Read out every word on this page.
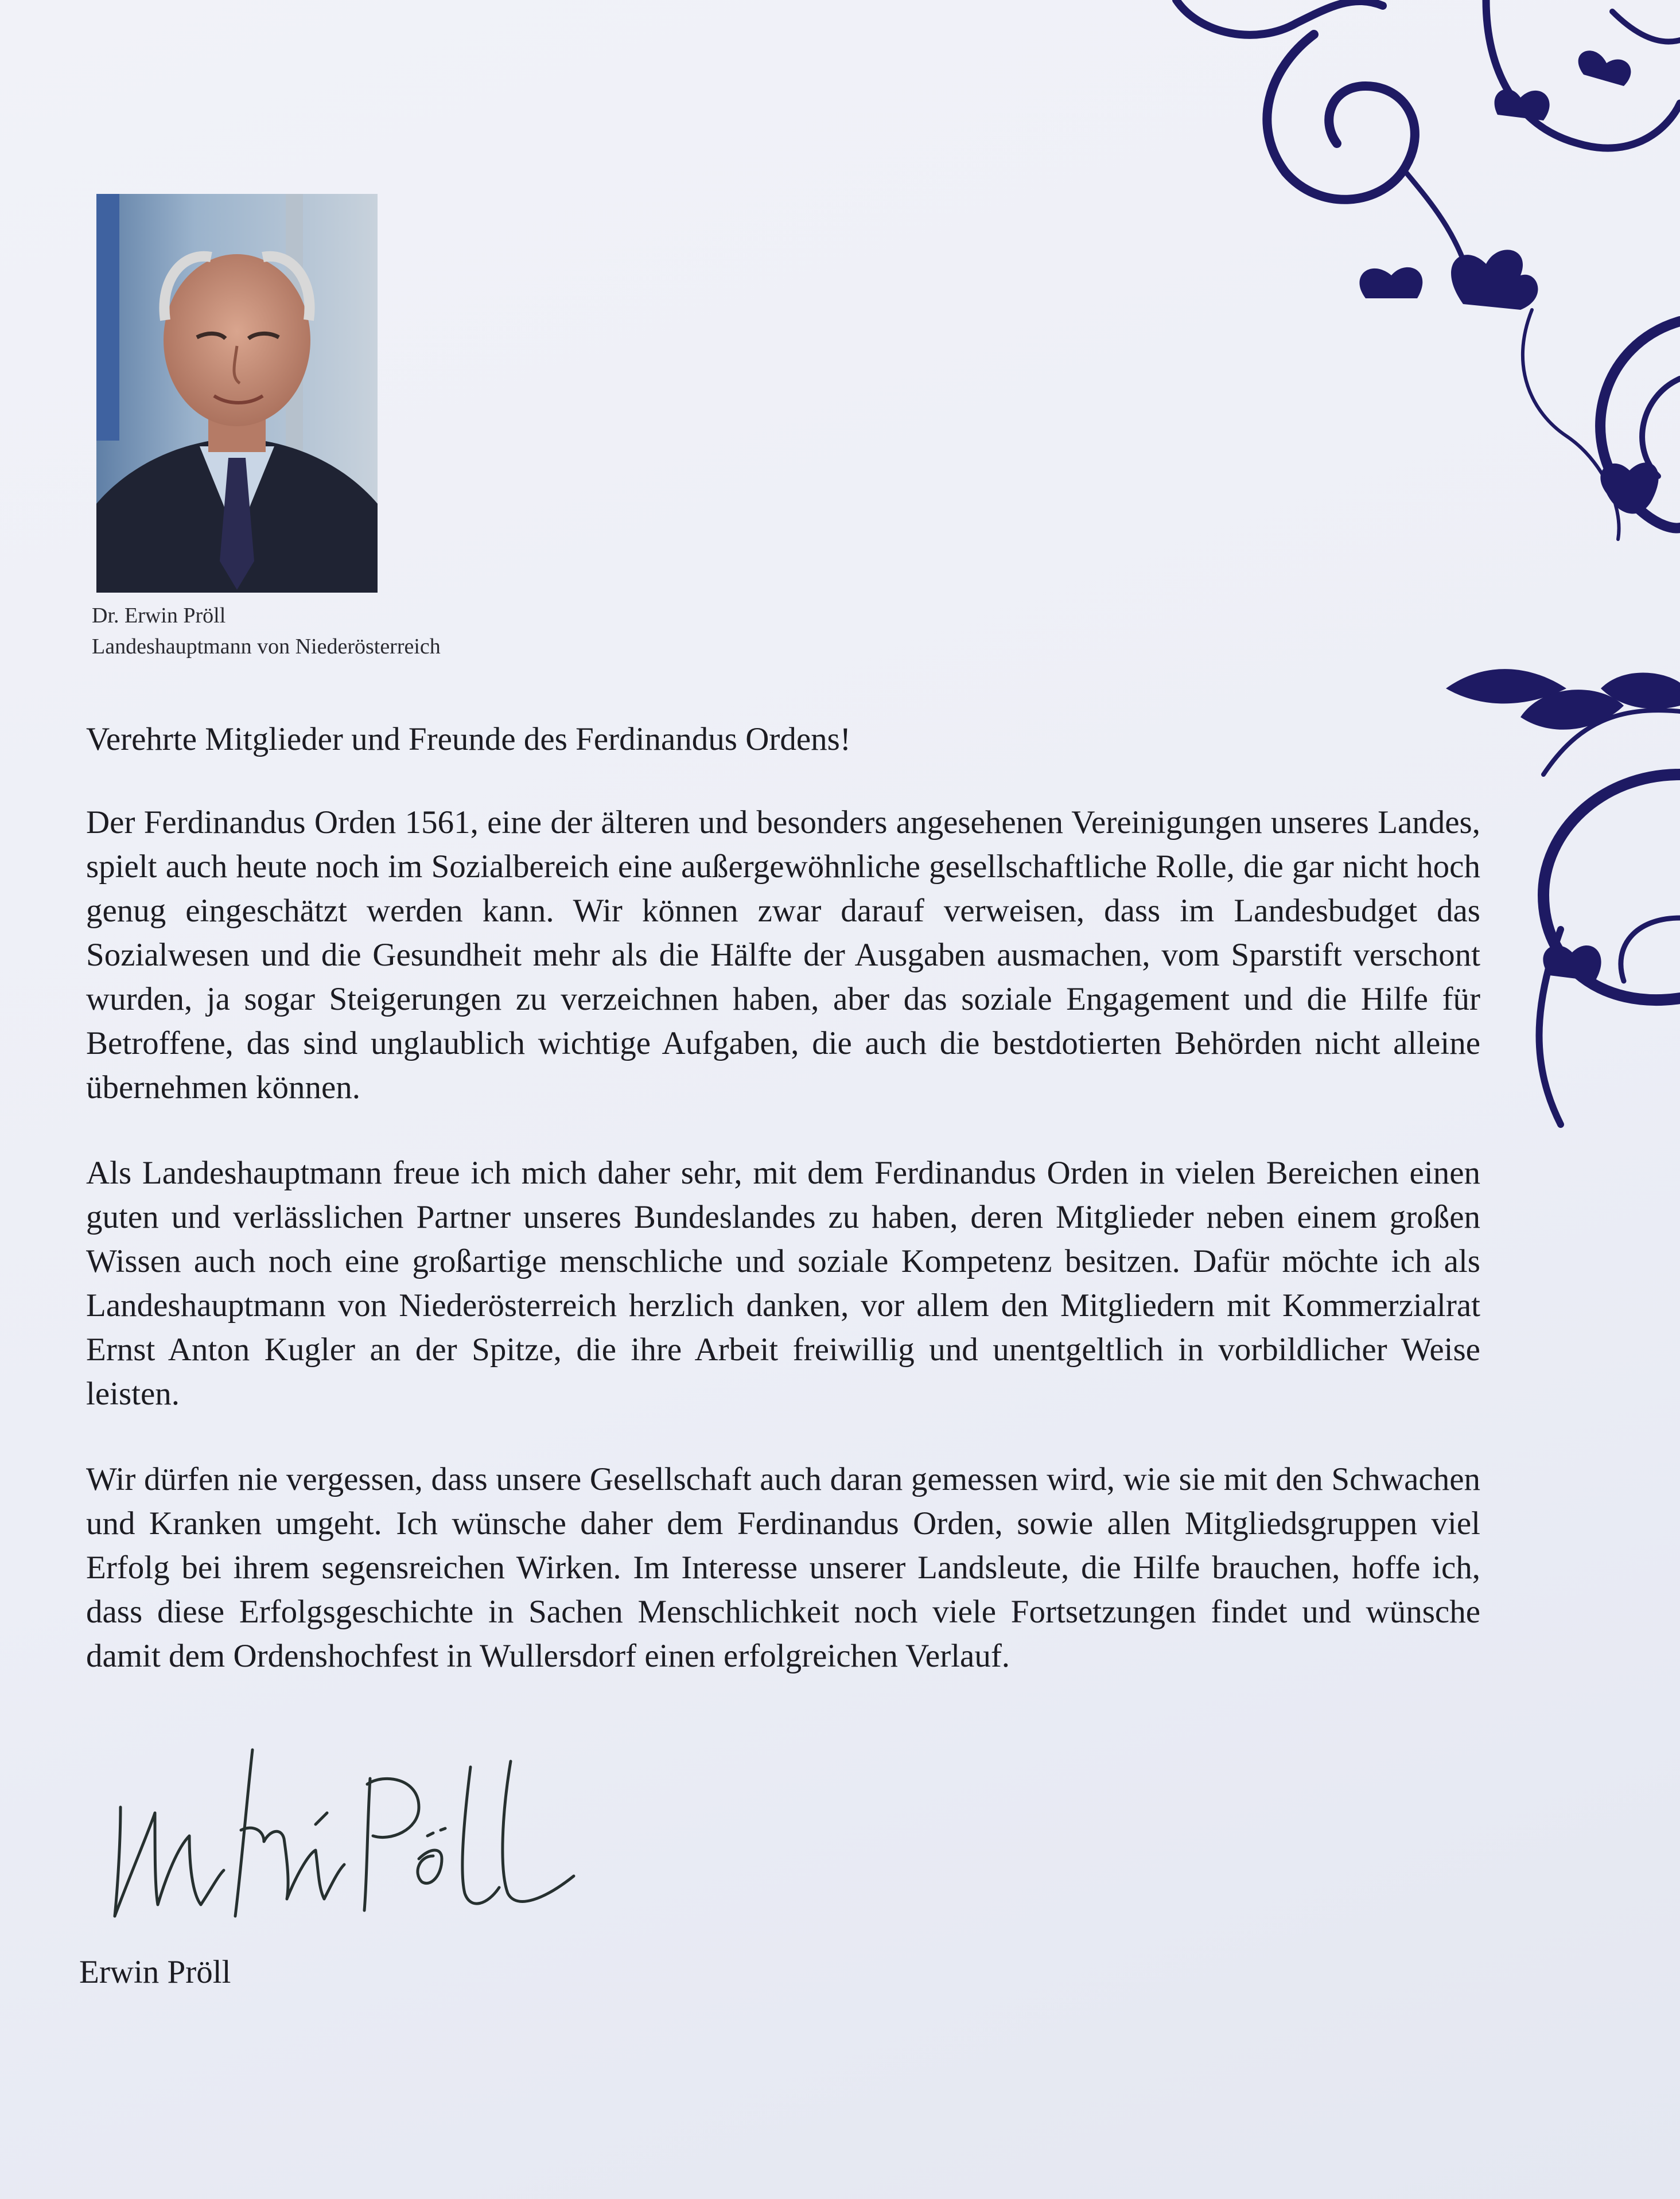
Dr. Erwin Pröll
Landeshauptmann von Niederösterreich

Verehrte Mitglieder und Freunde des Ferdinandus Ordens!

Der Ferdinandus Orden 1561, eine der älteren und besonders angesehenen Vereinigungen unseres Landes, spielt auch heute noch im Sozialbereich eine außergewöhnliche gesellschaftliche Rolle, die gar nicht hoch genug eingeschätzt werden kann. Wir können zwar darauf verweisen, dass im Landesbudget das Sozialwesen und die Gesundheit mehr als die Hälfte der Ausgaben ausmachen, vom Sparstift verschont wurden, ja sogar Steigerungen zu verzeichnen haben, aber das soziale Engagement und die Hilfe für Betroffene, das sind unglaublich wichtige Aufgaben, die auch die bestdotierten Behörden nicht alleine übernehmen können.

Als Landeshauptmann freue ich mich daher sehr, mit dem Ferdinandus Orden in vielen Bereichen einen guten und verlässlichen Partner unseres Bundeslandes zu haben, deren Mitglieder neben einem großen Wissen auch noch eine großartige menschliche und soziale Kompetenz besitzen. Dafür möchte ich als Landeshauptmann von Niederösterreich herzlich danken, vor allem den Mitgliedern mit Kommerzialrat Ernst Anton Kugler an der Spitze, die ihre Arbeit freiwillig und unentgeltlich in vorbildlicher Weise leisten.

Wir dürfen nie vergessen, dass unsere Gesellschaft auch daran gemessen wird, wie sie mit den Schwachen und Kranken umgeht. Ich wünsche daher dem Ferdinandus Orden, sowie allen Mitgliedsgruppen viel Erfolg bei ihrem segensreichen Wirken. Im Interesse unserer Landsleute, die Hilfe brauchen, hoffe ich, dass diese Erfolgsgeschichte in Sachen Menschlichkeit noch viele Fortsetzungen findet und wünsche damit dem Ordenshochfest in Wullersdorf einen erfolgreichen Verlauf.

Erwin Pröll
